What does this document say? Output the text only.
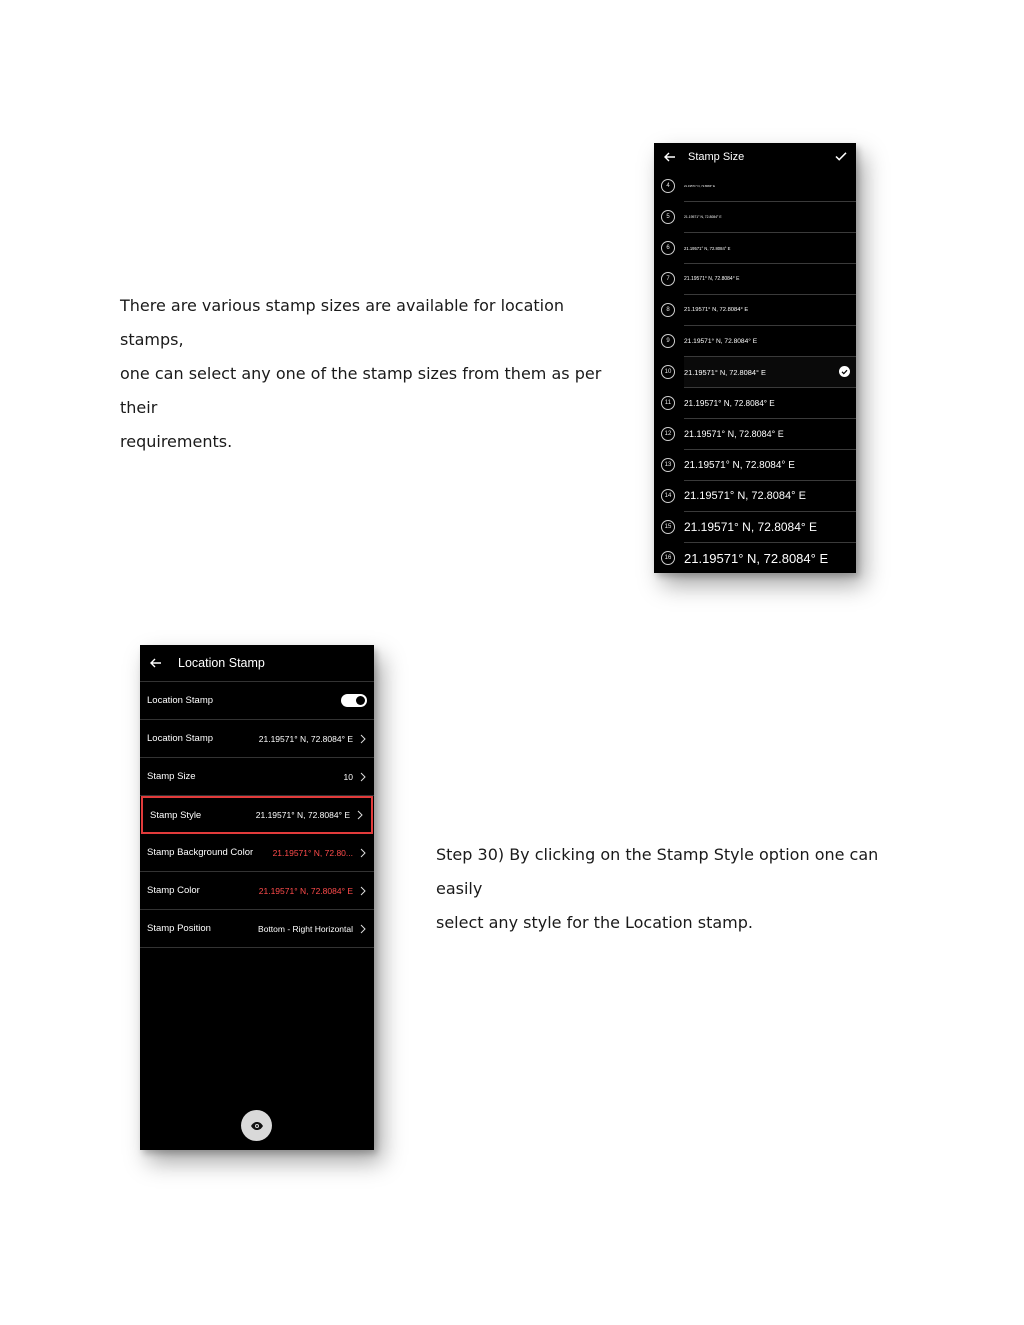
There are various stamp sizes are available for location stamps,
one can select any one of the stamp sizes from them as per their
requirements.

Step 30) By clicking on the Stamp Style option one can easily
select any style for the Location stamp.

Stamp Size
4	21.19571° N, 72.8084° E
5	21.19571° N, 72.8084° E
6	21.19571° N, 72.8084° E
7	21.19571° N, 72.8084° E
8	21.19571° N, 72.8084° E
9	21.19571° N, 72.8084° E
10	21.19571° N, 72.8084° E
11	21.19571° N, 72.8084° E
12	21.19571° N, 72.8084° E
13	21.19571° N, 72.8084° E
14	21.19571° N, 72.8084° E
15	21.19571° N, 72.8084° E
16 21.19571° N, 72.8084° E
Location Stamp
Location Stamp
Location Stamp	21.19571° N, 72.8084° E
Stamp Size	10
Stamp Style	21.19571° N, 72.8084° E
Stamp Background Color 21.19571° N, 72.80...
Stamp Color	21.19571° N, 72.8084° E
Stamp Position	Bottom - Right Horizontal
